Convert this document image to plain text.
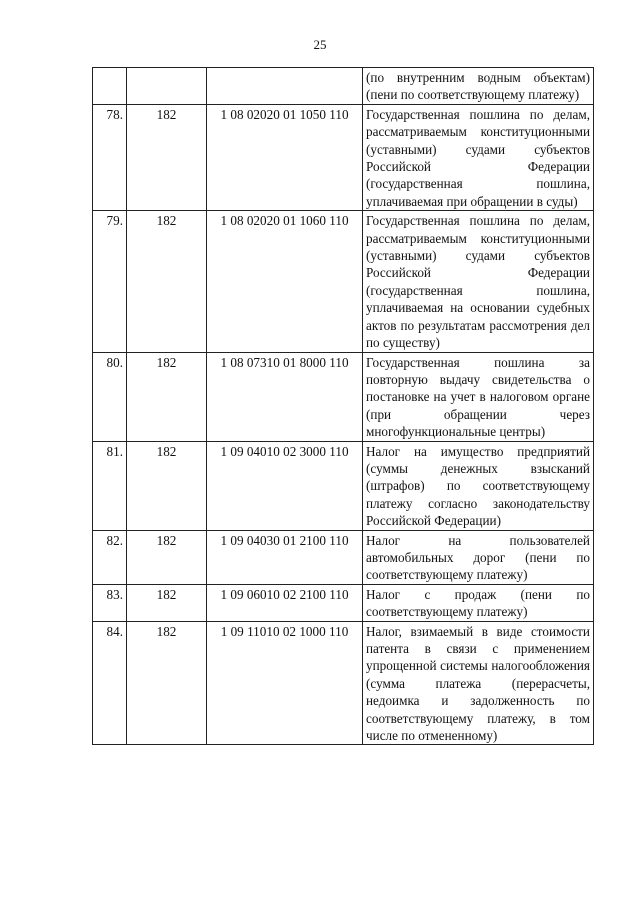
25
			(по внутренним водным объектам) (пени по соответствующему платежу)
78.	182	1 08 02020 01 1050 110	Государственная пошлина по делам, рассматриваемым конституционными (уставными) судами субъектов Российской Федерации (государственная пошлина, уплачиваемая при обращении в суды)
79.	182	1 08 02020 01 1060 110	Государственная пошлина по делам, рассматриваемым конституционными (уставными) судами субъектов Российской Федерации (государственная пошлина, уплачиваемая на основании судебных актов по результатам рассмотрения дел по существу)
80.	182	1 08 07310 01 8000 110	Государственная пошлина за повторную выдачу свидетельства о постановке на учет в налоговом органе (при обращении через многофункциональные центры)
81.	182	1 09 04010 02 3000 110	Налог на имущество предприятий (суммы денежных взысканий (штрафов) по соответствующему платежу согласно законодательству Российской Федерации)
82.	182	1 09 04030 01 2100 110	Налог на пользователей автомобильных дорог (пени по соответствующему платежу)
83.	182	1 09 06010 02 2100 110	Налог с продаж (пени по соответствующему платежу)
84.	182	1 09 11010 02 1000 110	Налог, взимаемый в виде стоимости патента в связи с применением упрощенной системы налогообложения (сумма платежа (перерасчеты, недоимка и задолженность по соответствующему платежу, в том числе по отмененному)
